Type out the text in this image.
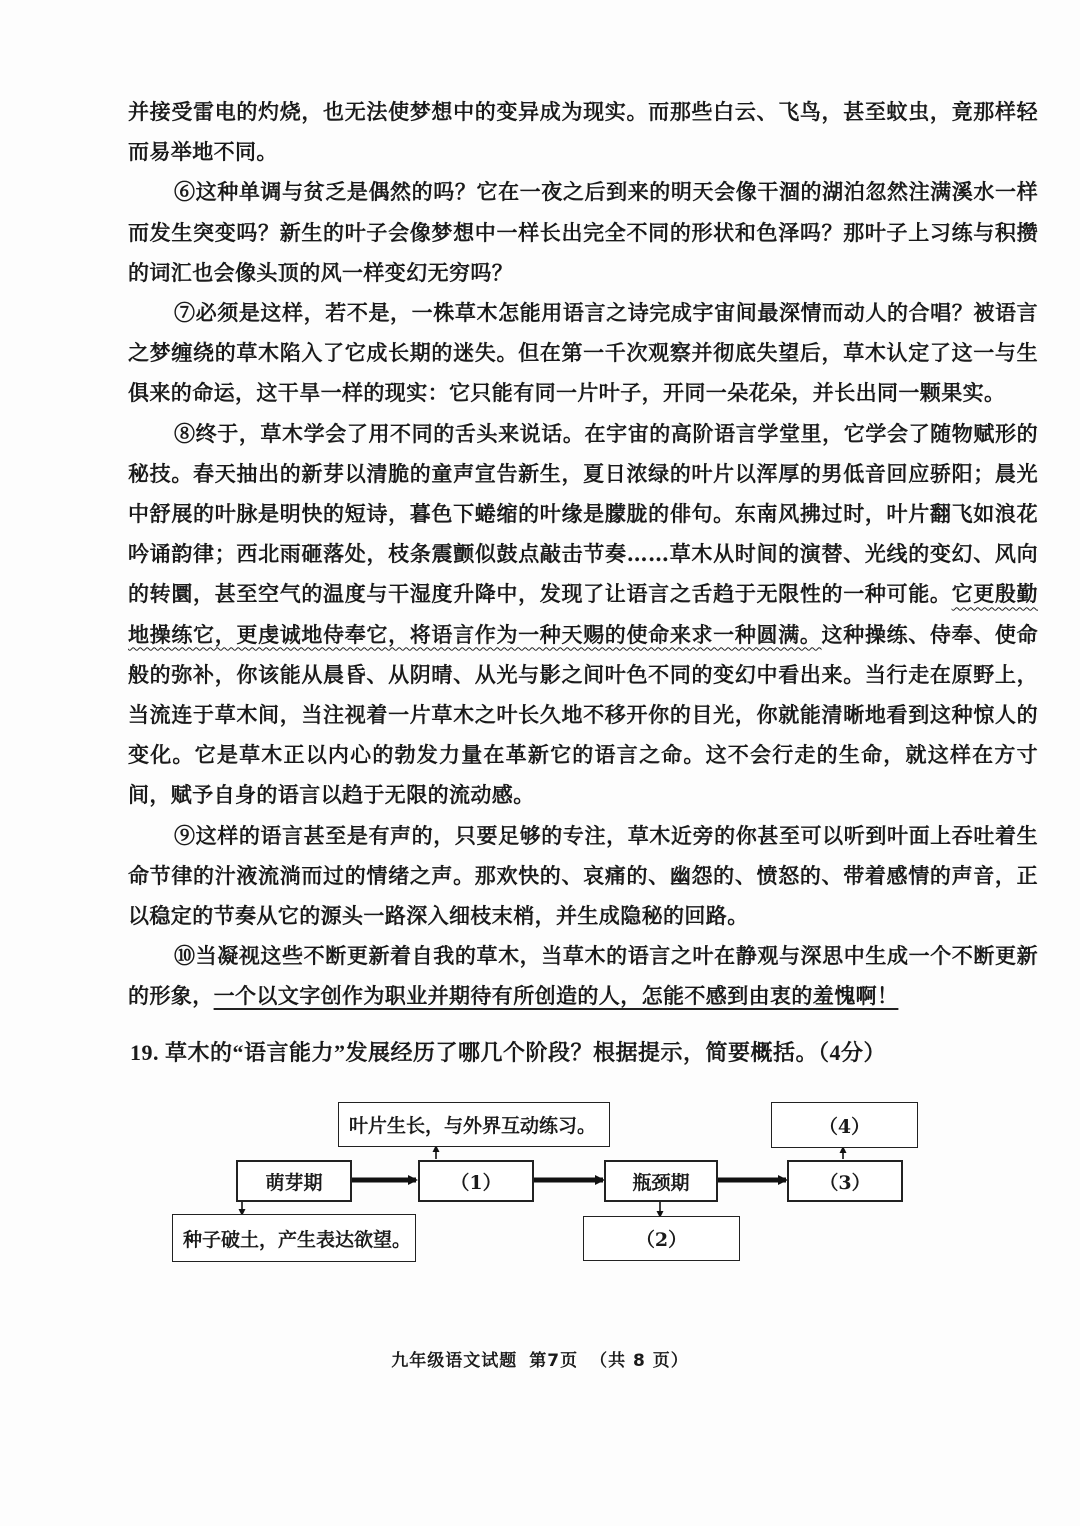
并接受雷电的灼烧，也无法使梦想中的变异成为现实。而那些白云、飞鸟，甚至蚊虫，竟那样轻而易举地不同。

⑥这种单调与贫乏是偶然的吗？它在一夜之后到来的明天会像干涸的湖泊忽然注满溪水一样而发生突变吗？新生的叶子会像梦想中一样长出完全不同的形状和色泽吗？那叶子上习练与积攒的词汇也会像头顶的风一样变幻无穷吗？

⑦必须是这样，若不是，一株草木怎能用语言之诗完成宇宙间最深情而动人的合唱？被语言之梦缠绕的草木陷入了它成长期的迷失。但在第一千次观察并彻底失望后，草木认定了这一与生俱来的命运，这干旱一样的现实：它只能有同一片叶子，开同一朵花朵，并长出同一颗果实。

⑧终于，草木学会了用不同的舌头来说话。在宇宙的高阶语言学堂里，它学会了随物赋形的秘技。春天抽出的新芽以清脆的童声宣告新生，夏日浓绿的叶片以浑厚的男低音回应骄阳；晨光中舒展的叶脉是明快的短诗，暮色下蜷缩的叶缘是朦胧的俳句。东南风拂过时，叶片翻飞如浪花吟诵韵律；西北雨砸落处，枝条震颤似鼓点敲击节奏……草木从时间的演替、光线的变幻、风向的转圜，甚至空气的温度与干湿度升降中，发现了让语言之舌趋于无限性的一种可能。它更殷勤地操练它，更虔诚地侍奉它，将语言作为一种天赐的使命来求一种圆满。这种操练、侍奉、使命般的弥补，你该能从晨昏、从阴晴、从光与影之间叶色不同的变幻中看出来。当行走在原野上，当流连于草木间，当注视着一片草木之叶长久地不移开你的目光，你就能清晰地看到这种惊人的变化。它是草木正以内心的勃发力量在革新它的语言之命。这不会行走的生命，就这样在方寸间，赋予自身的语言以趋于无限的流动感。

⑨这样的语言甚至是有声的，只要足够的专注，草木近旁的你甚至可以听到叶面上吞吐着生命节律的汁液流淌而过的情绪之声。那欢快的、哀痛的、幽怨的、愤怒的、带着感情的声音，正以稳定的节奏从它的源头一路深入细枝末梢，并生成隐秘的回路。

⑩当凝视这些不断更新着自我的草木，当草木的语言之叶在静观与深思中生成一个不断更新的形象，一个以文字创作为职业并期待有所创造的人，怎能不感到由衷的羞愧啊！

19. 草木的“语言能力”发展经历了哪几个阶段？根据提示，简要概括。（4分）
萌芽期
种子破土，产生表达欲望。
（1）
叶片生长，与外界互动练习。
瓶颈期
（2）
（3）
（4）
九年级语文试题 第7页 （共 8 页）
